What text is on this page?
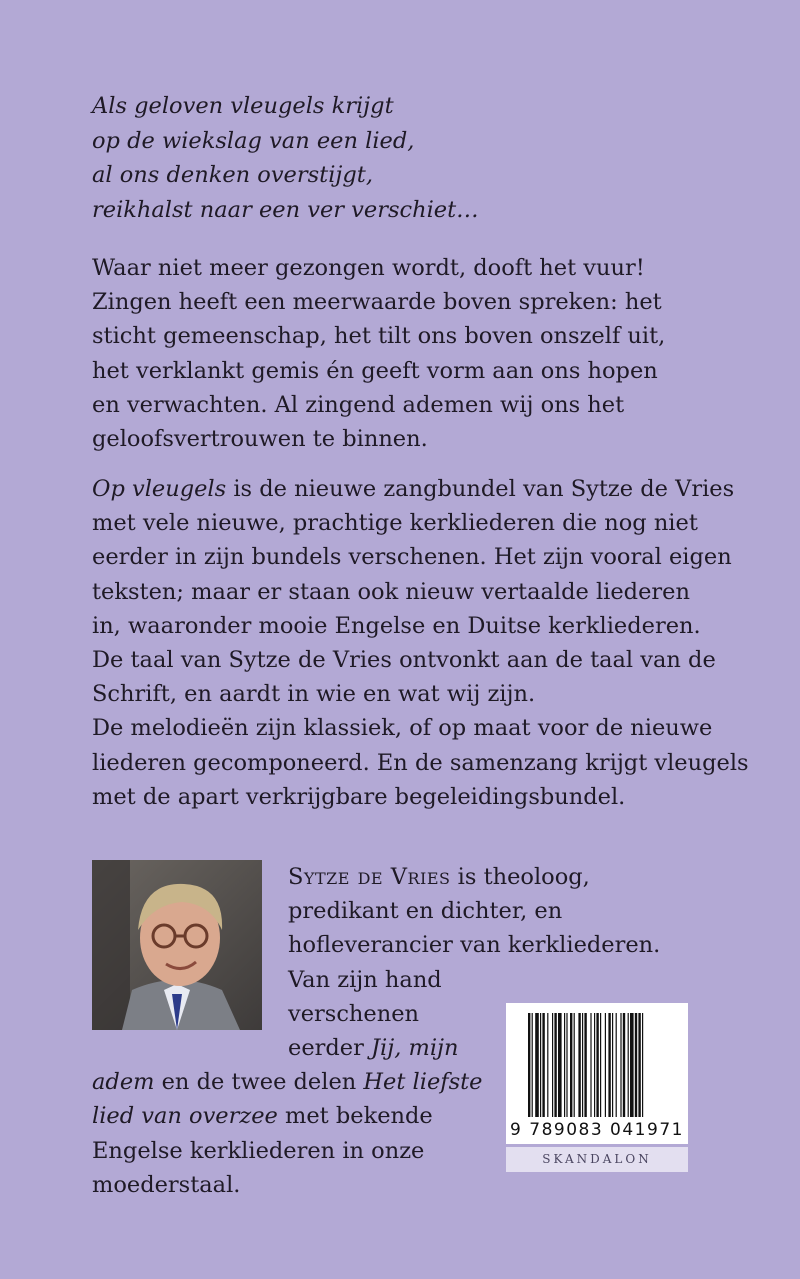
Als geloven vleugels krijgt
op de wiekslag van een lied,
al ons denken overstijgt,
reikhalst naar een ver verschiet…
Waar niet meer gezongen wordt, dooft het vuur!
Zingen heeft een meerwaarde boven spreken: het
sticht gemeenschap, het tilt ons boven onszelf uit,
het verklankt gemis én geeft vorm aan ons hopen
en verwachten. Al zingend ademen wij ons het
geloofsvertrouwen te binnen.
Op vleugels is de nieuwe zangbundel van Sytze de Vries
met vele nieuwe, prachtige kerkliederen die nog niet
eerder in zijn bundels verschenen. Het zijn vooral eigen
teksten; maar er staan ook nieuw vertaalde liederen
in, waaronder mooie Engelse en Duitse kerkliederen.
De taal van Sytze de Vries ontvonkt aan de taal van de
Schrift, en aardt in wie en wat wij zijn.
De melodieën zijn klassiek, of op maat voor de nieuwe
liederen gecomponeerd. En de samenzang krijgt vleugels
met de apart verkrijgbare begeleidingsbundel.
Sytze de Vries is theoloog,
predikant en dichter, en
hofleverancier van kerkliederen.
Van zijn hand
verschenen
eerder Jij, mijn
adem en de twee delen Het liefste
lied van overzee met bekende
Engelse kerkliederen in onze
moederstaal.
9 789083 041971
SKANDALON
